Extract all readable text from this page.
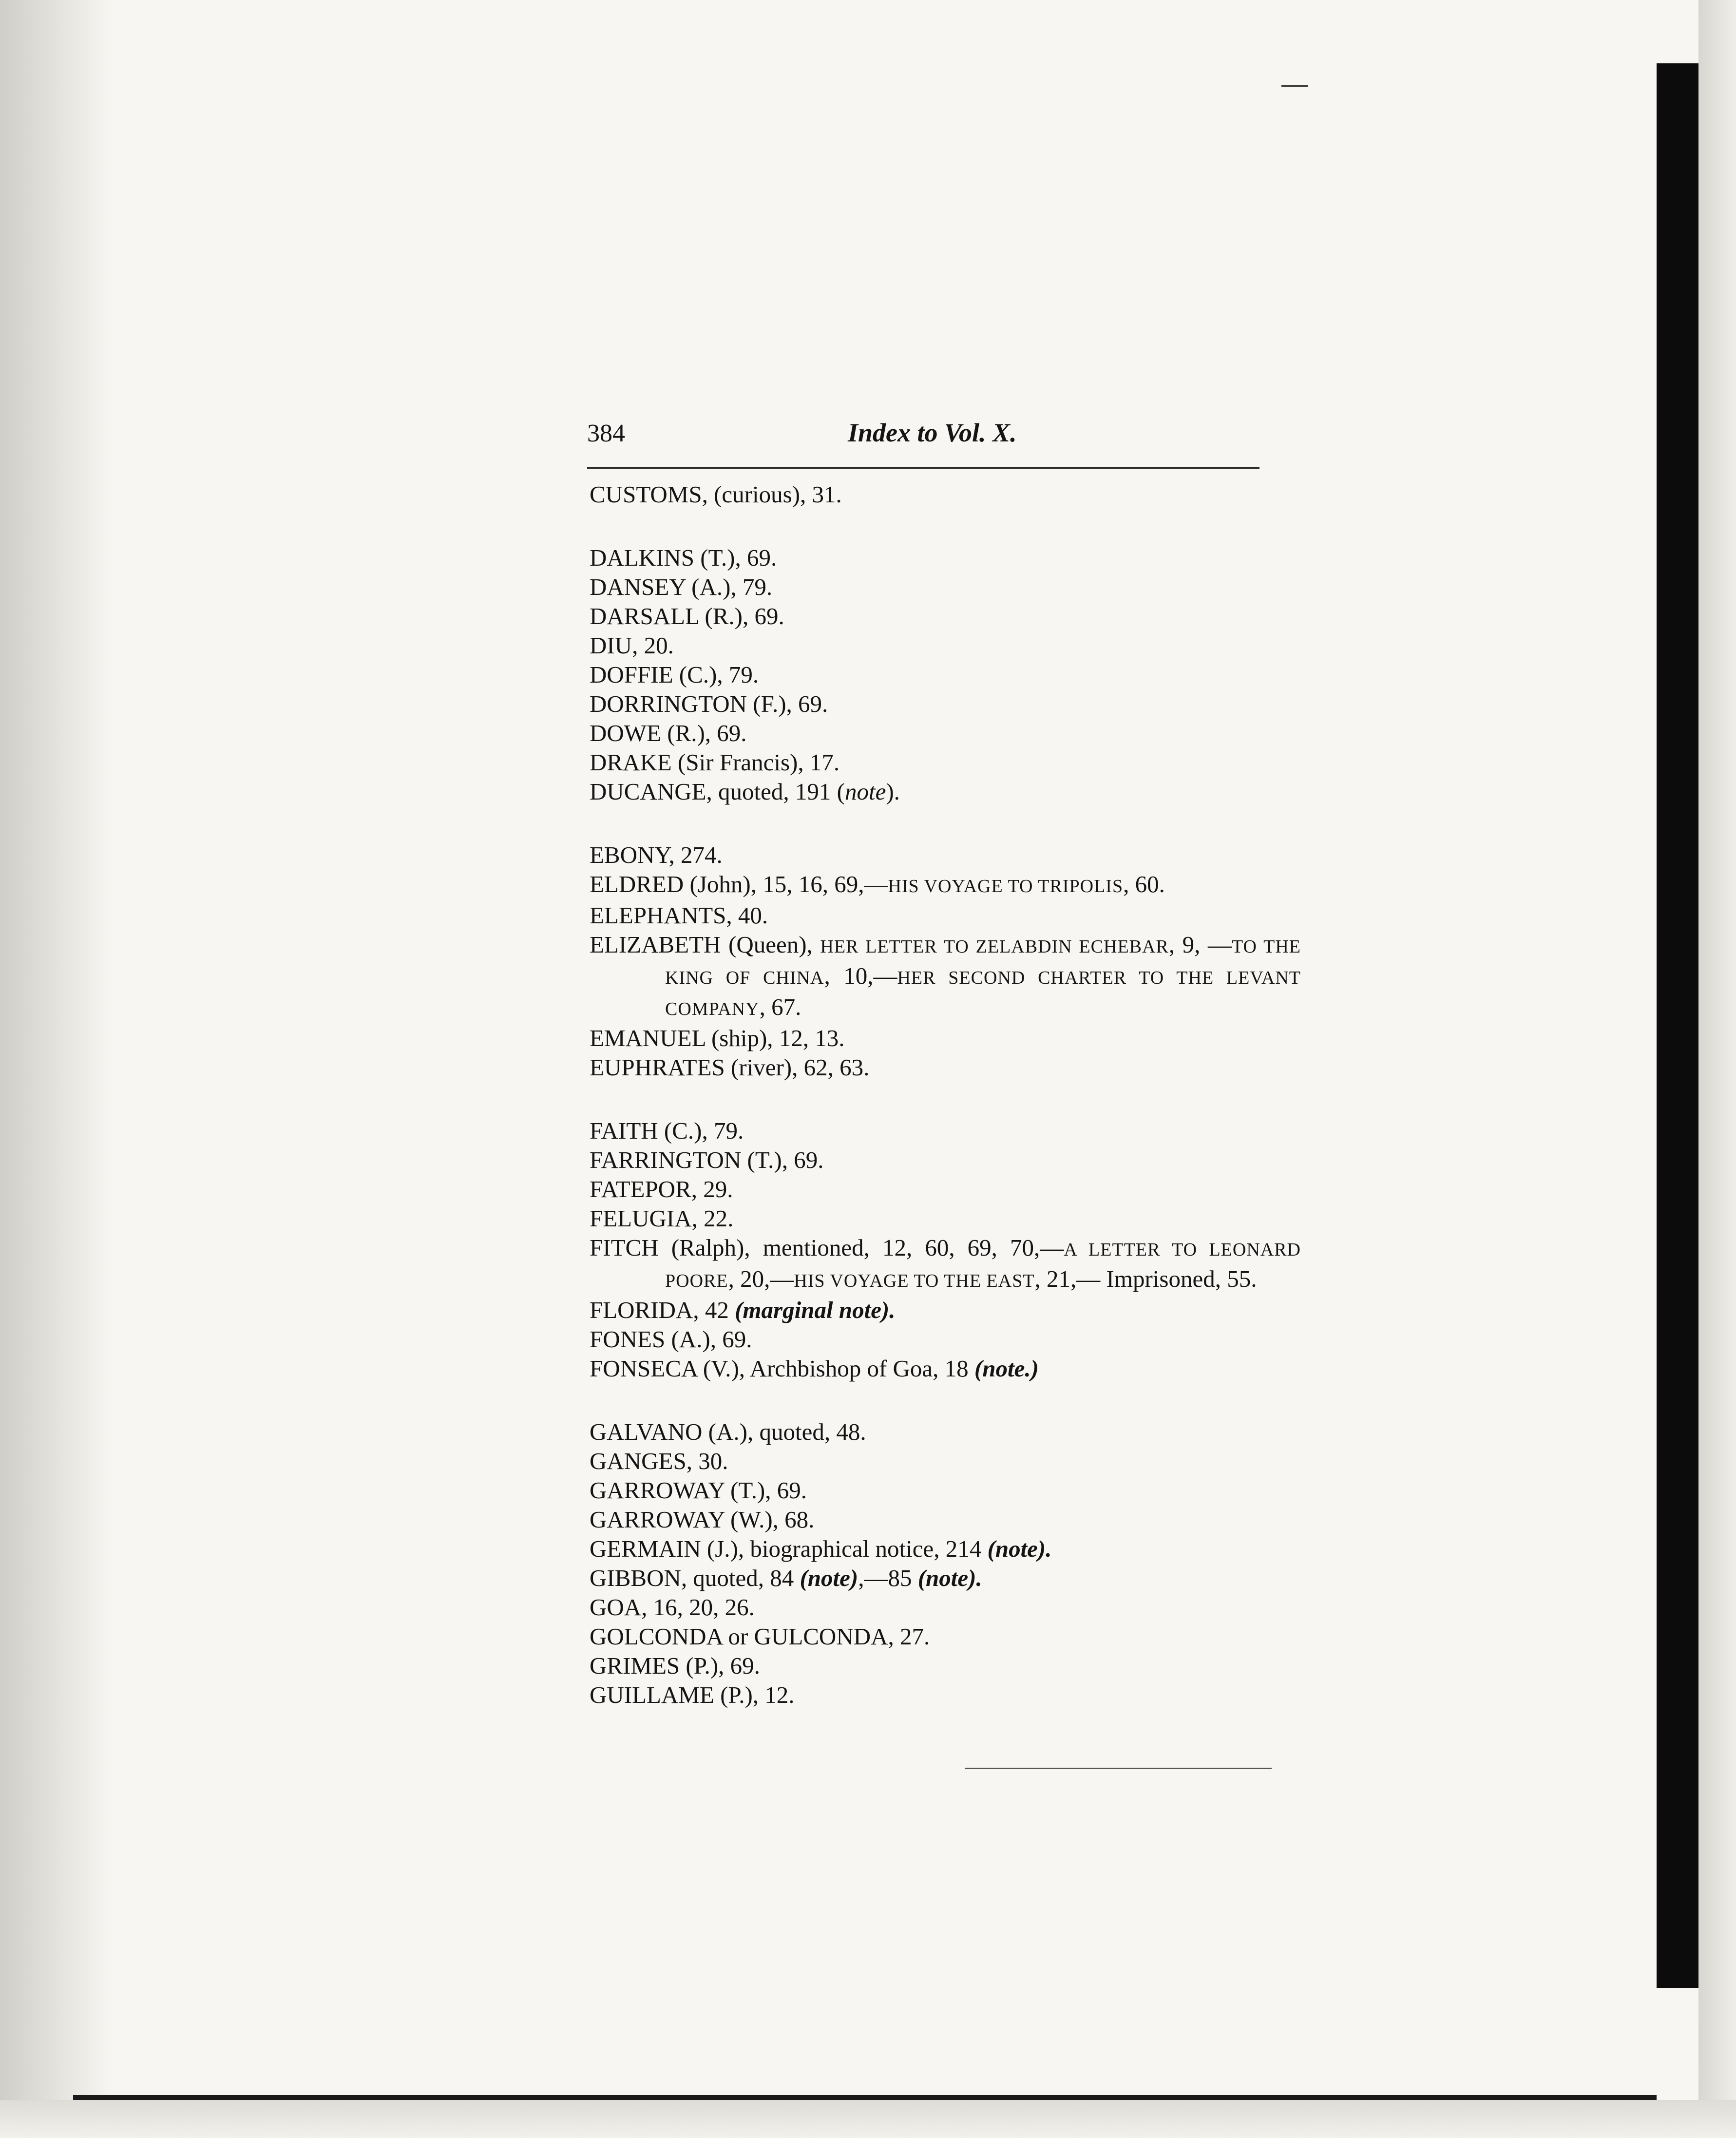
384	Index to Vol. X.

CUSTOMS, (curious), 31.

DALKINS (T.), 69.

DANSEY (A.), 79.

DARSALL (R.), 69.

DIU, 20.

DOFFIE (C.), 79.

DORRINGTON (F.), 69.

DOWE (R.), 69.

DRAKE (Sir Francis), 17.

DUCANGE, quoted, 191 (note).

EBONY, 274.

ELDRED (John), 15, 16, 69,—HIS VOYAGE TO TRIPOLIS, 60.

ELEPHANTS, 40.

ELIZABETH (Queen), HER LETTER TO ZELABDIN ECHEBAR, 9, —TO THE KING OF CHINA, 10,—HER SECOND CHARTER TO THE LEVANT COMPANY, 67.

EMANUEL (ship), 12, 13.

EUPHRATES (river), 62, 63.

FAITH (C.), 79.

FARRINGTON (T.), 69.

FATEPOR, 29.

FELUGIA, 22.

FITCH (Ralph), mentioned, 12, 60, 69, 70,—A LETTER TO LEONARD POORE, 20,—HIS VOYAGE TO THE EAST, 21,— Imprisoned, 55.

FLORIDA, 42 (marginal note).

FONES (A.), 69.

FONSECA (V.), Archbishop of Goa, 18 (note.)

GALVANO (A.), quoted, 48.

GANGES, 30.

GARROWAY (T.), 69.

GARROWAY (W.), 68.

GERMAIN (J.), biographical notice, 214 (note).

GIBBON, quoted, 84 (note),—85 (note).

GOA, 16, 20, 26.

GOLCONDA or GULCONDA, 27.

GRIMES (P.), 69.

GUILLAME (P.), 12.
